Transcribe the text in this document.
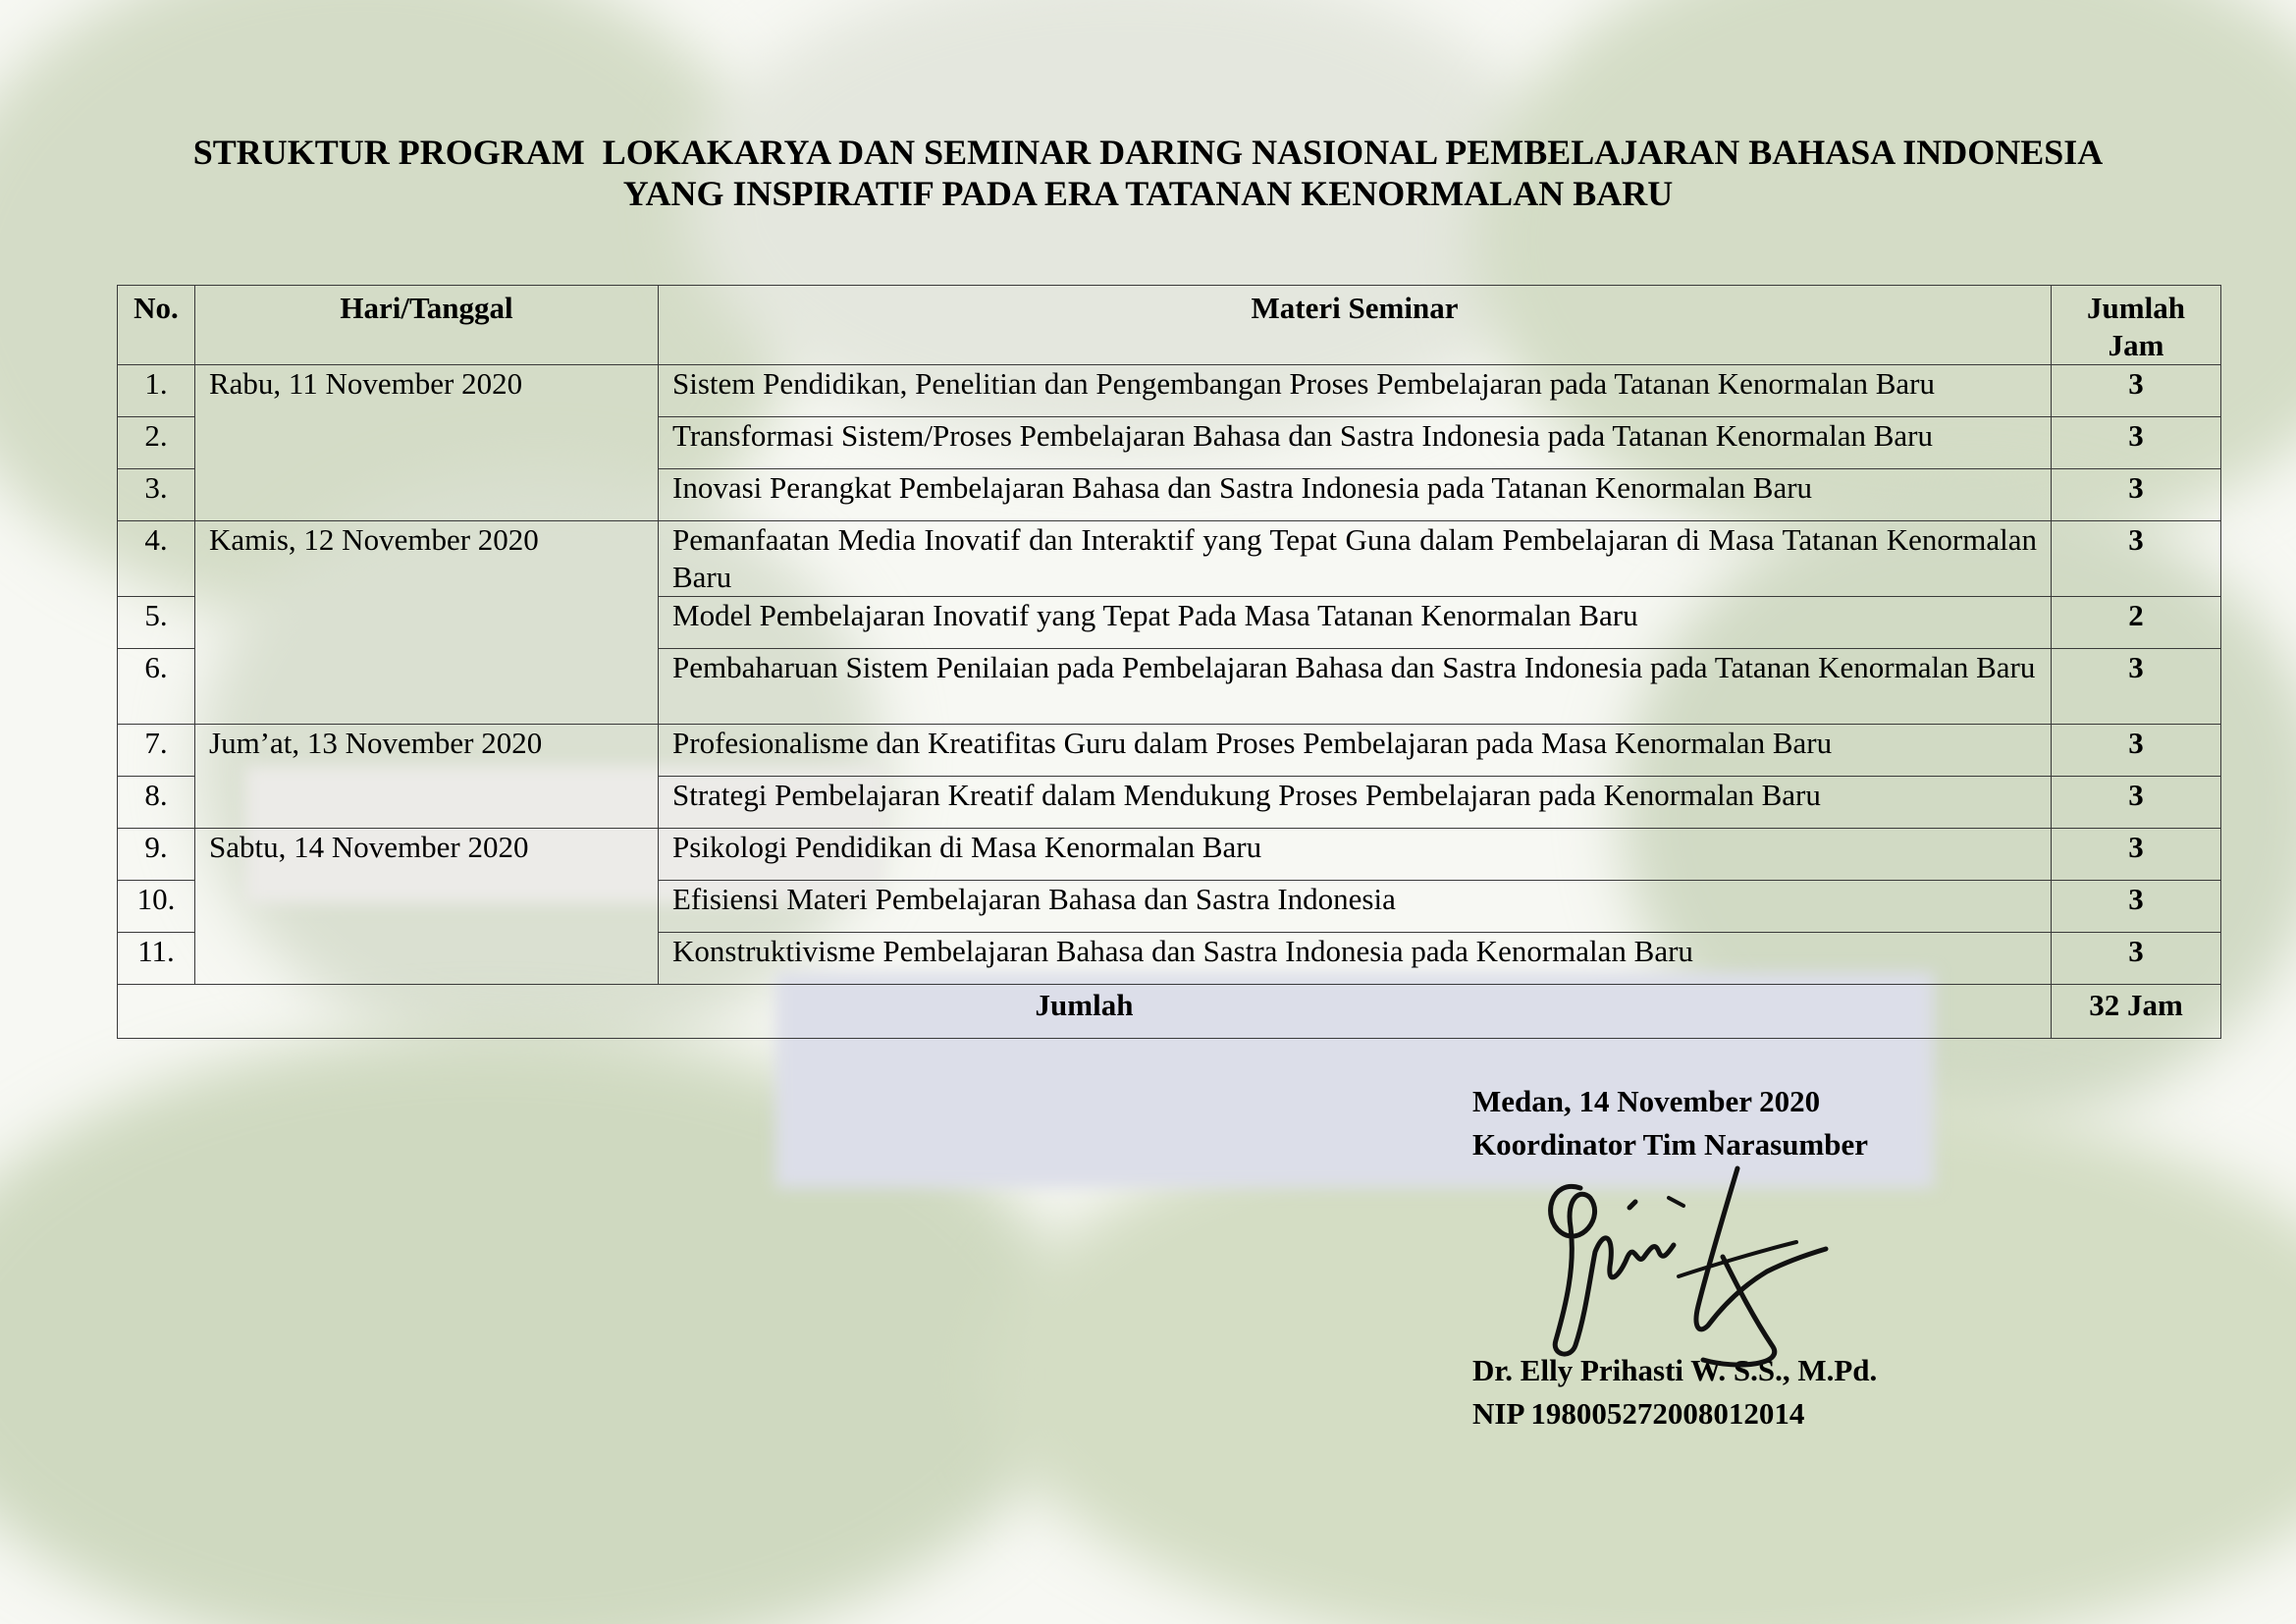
STRUKTUR PROGRAM  LOKAKARYA DAN SEMINAR DARING NASIONAL PEMBELAJARAN BAHASA INDONESIA
YANG INSPIRATIF PADA ERA TATANAN KENORMALAN BARU
No.	Hari/Tanggal	Materi Seminar	Jumlah
Jam
1.	Rabu, 11 November 2020	Sistem Pendidikan, Penelitian dan Pengembangan Proses Pembelajaran pada Tatanan Kenormalan Baru	3
2.		Transformasi Sistem/Proses Pembelajaran Bahasa dan Sastra Indonesia pada Tatanan Kenormalan Baru	3
3.		Inovasi Perangkat Pembelajaran Bahasa dan Sastra Indonesia pada Tatanan Kenormalan Baru	3
4.	Kamis, 12 November 2020	Pemanfaatan Media Inovatif dan Interaktif yang Tepat Guna dalam Pembelajaran di Masa Tatanan Kenormalan Baru	3
5.		Model Pembelajaran Inovatif yang Tepat Pada Masa Tatanan Kenormalan Baru	2
6.		Pembaharuan Sistem Penilaian pada Pembelajaran Bahasa dan Sastra Indonesia pada Tatanan Kenormalan Baru	3
7.	Jum’at, 13 November 2020	Profesionalisme dan Kreatifitas Guru dalam Proses Pembelajaran pada Masa Kenormalan Baru	3
8.		Strategi Pembelajaran Kreatif dalam Mendukung Proses Pembelajaran pada Kenormalan Baru	3
9.	Sabtu, 14 November 2020	Psikologi Pendidikan di Masa Kenormalan Baru	3
10.		Efisiensi Materi Pembelajaran Bahasa dan Sastra Indonesia	3
11.		Konstruktivisme Pembelajaran Bahasa dan Sastra Indonesia pada Kenormalan Baru	3
Jumlah			32 Jam
Medan, 14 November 2020
Koordinator Tim Narasumber
Dr. Elly Prihasti W. S.S., M.Pd.
NIP 198005272008012014
